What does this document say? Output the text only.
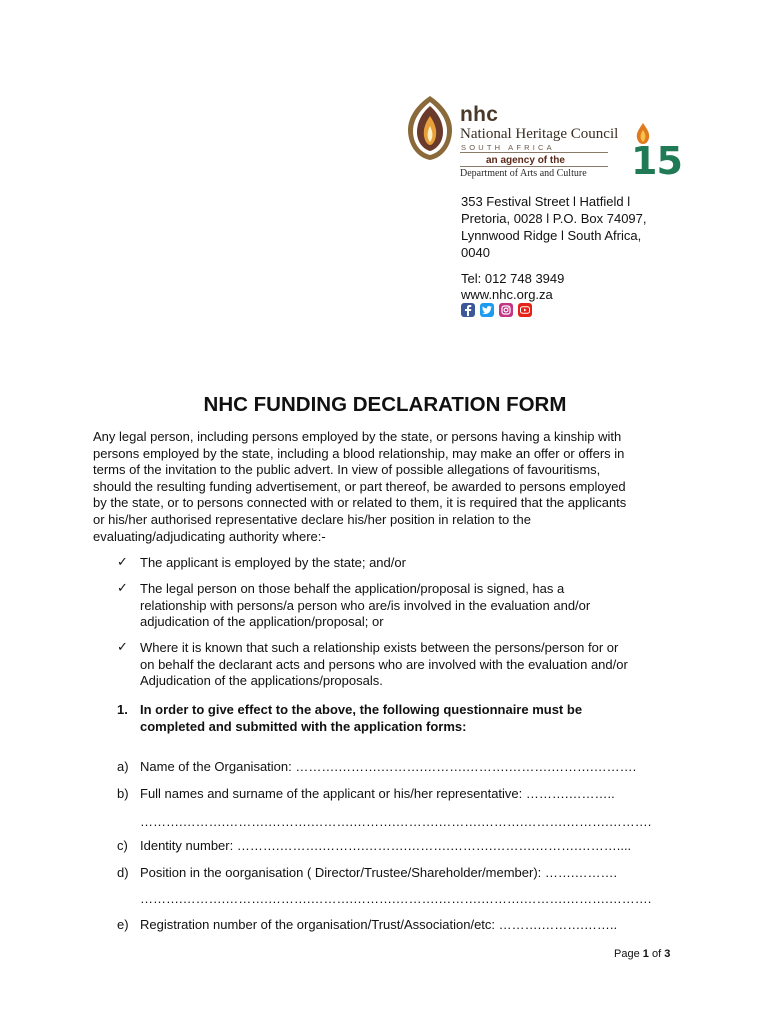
nhc
National Heritage Council
SOUTH AFRICA
an agency of the
Department of Arts and Culture 15
353 Festival Street l Hatfield l
Pretoria, 0028 l P.O. Box 74097,
Lynnwood Ridge l South Africa,
0040
Tel: 012 748 3949
www.nhc.org.za
NHC FUNDING DECLARATION FORM
Any legal person, including persons employed by the state, or persons having a kinship with
persons employed by the state, including a blood relationship, may make an offer or offers in
terms of the invitation to the public advert. In view of possible allegations of favouritisms,
should the resulting funding advertisement, or part thereof, be awarded to persons employed
by the state, or to persons connected with or related to them, it is required that the applicants
or his/her authorised representative declare his/her position in relation to the
evaluating/adjudicating authority where:-
✓ The applicant is employed by the state; and/or
✓ The legal person on those behalf the application/proposal is signed, has a
relationship with persons/a person who are/is involved in the evaluation and/or
adjudication of the application/proposal; or
✓ Where it is known that such a relationship exists between the persons/person for or
on behalf the declarant acts and persons who are involved with the evaluation and/or
Adjudication of the applications/proposals.
1. In order to give effect to the above, the following questionnaire must be
completed and submitted with the application forms:
a) Name of the Organisation: ……….……….……….……….……….……….……….……….
b) Full names and surname of the applicant or his/her representative: ……….………..
……….……….……….……….……….……….……….……….……….……….……….……….
c) Identity number: ……….……….……….……….……….……….……….……….………....
d) Position in the oorganisation ( Director/Trustee/Shareholder/member): …….……….
……….……….……….……….……….……….……….……….……….……….……….……….
e) Registration number of the organisation/Trust/Association/etc: ……….……….……..
Page 1 of 3
